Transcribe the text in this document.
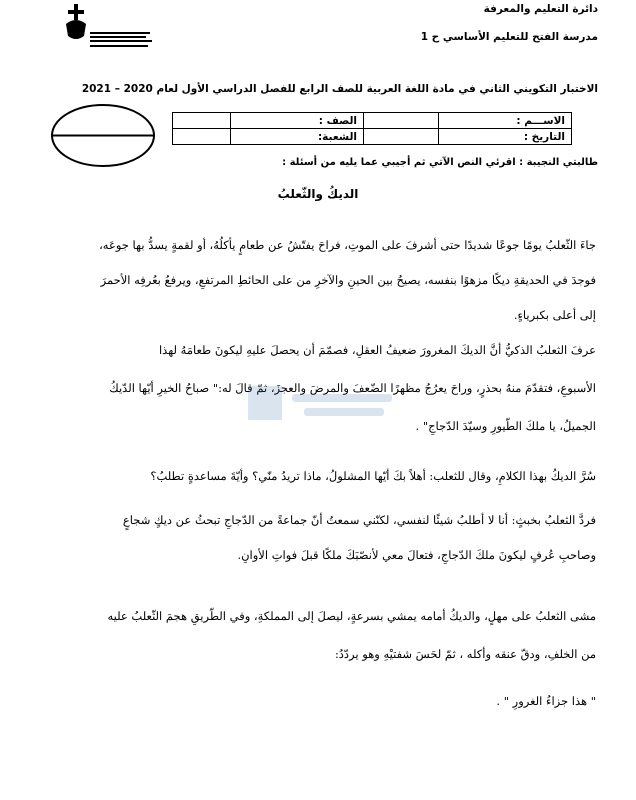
دائرة التعليم والمعرفة
مدرسة الفتح للتعليم الأساسي ح 1
الاختبار التكويني الثاني في مادة اللغة العربية للصف الرابع للفصل الدراسي الأول لعام 2020 – 2021
الاســـم :		الصف :	
التاريخ :		الشعبة:	
طالبتي النجيبة : اقرئي النص الآتي ثم أجيبي عما يليه من أسئلة :
الديكُ والثّعلبُ
جاءَ الثّعلبُ يومًا جوعًا شديدًا حتى أشرفَ على الموتِ، فراحَ يفتّشُ عن طعامٍ يأكلُهُ، أو لقمةٍ يسدُّ بها جوعَه،
فوجدَ في الحديقةِ ديكًا مزهوًا بنفسه، يصيحُ بين الحينِ والآخرِ من على الحائطِ المرتفعِ، ويرفعُ بعُرفِه الأحمرَ
إلى أعلى بكبرياءٍ.
عرفَ الثعلبُ الذكيُّ أنَّ الديكَ المغرورَ ضعيفُ العقلِ، فصمّمَ أن يحصلَ عليهِ ليكونَ طعامَهُ لهذا
الأسبوعِ، فتقدّمَ منهُ بحذرٍ، وراحَ يعرُجُ مظهرًا الضّعفَ والمرضَ والعجزَ، ثمّ قالَ له:" صباحُ الخيرِ أيّها الدّيكُ
الجميلُ، يا ملكَ الطّيورِ وسيّدَ الدّجاجِ" .
سُرَّ الديكُ بهذا الكلامِ، وقال للثعلب: أهلاً بكَ أيّها المشلولُ، ماذا تريدُ منّي؟ وأيّةَ مساعدةٍ تطلبُ؟
فردَّ الثعلبُ بخبثٍ: أنا لا أطلبُ شيئًا لنفسي، لكنّني سمعتُ أنّ جماعةً من الدّجاجِ تبحثُ عن ديكٍ شجاعٍ
وصاحبِ عُرفٍ ليكونَ ملكَ الدّجاجِ، فتعالَ معي لأنصّبَكَ ملكًا قبلَ فواتِ الأوانِ.
مشى الثعلبُ على مهلٍ، والديكُ أمامه يمشي بسرعةٍ، ليصلَ إلى المملكةِ، وفي الطّريقِ هجمَ الثّعلبُ عليه
من الخلفِ، ودقّ عنقه وأكله ، ثمّ لحَسَ شفتيْهِ وهو يردّدُ:
" هذا جزاءُ الغرورِ " .
